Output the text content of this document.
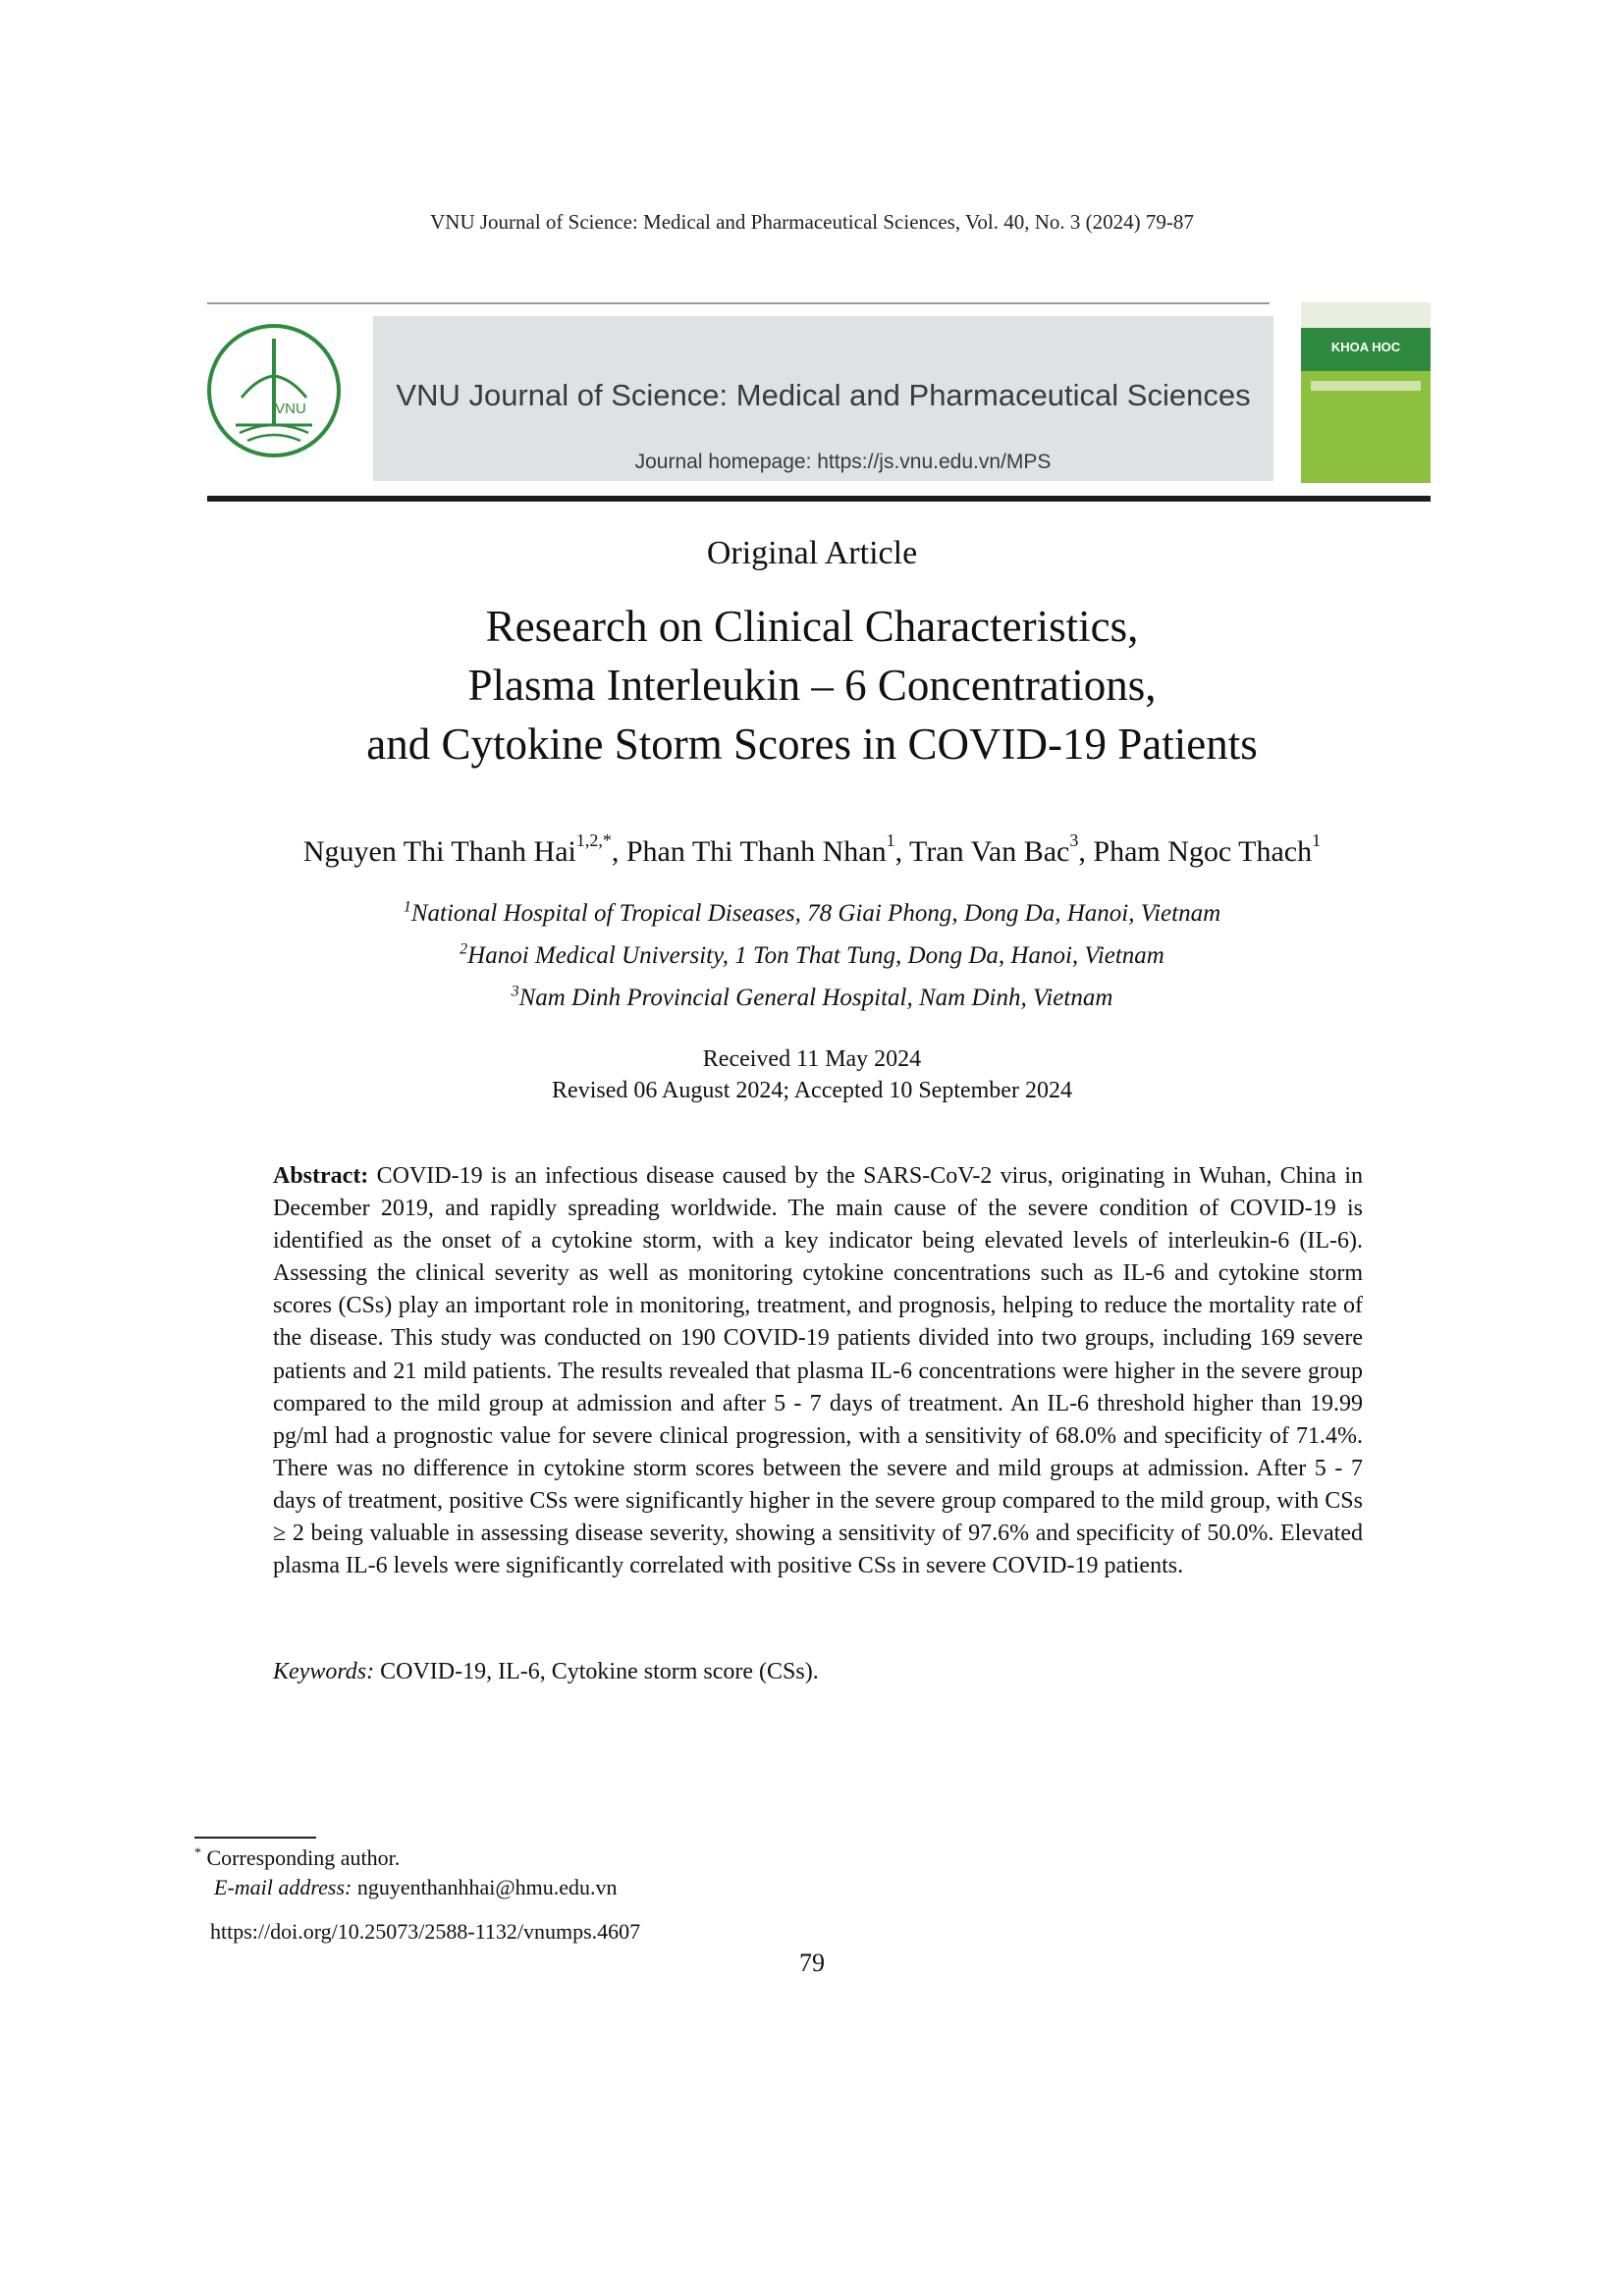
VNU Journal of Science: Medical and Pharmaceutical Sciences, Vol. 40, No. 3 (2024) 79-87
VNU	VNU Journal of Science: Medical and Pharmaceutical Sciences
Journal homepage: https://js.vnu.edu.vn/MPS
KHOA HOC
Original Article
Research on Clinical Characteristics,
Plasma Interleukin – 6 Concentrations,
and Cytokine Storm Scores in COVID-19 Patients
Nguyen Thi Thanh Hai$^{1,2,*}$, Phan Thi Thanh Nhan$^1$, Tran Van Bac$^3$, Pham Ngoc Thach$^1$
$^1$National Hospital of Tropical Diseases, 78 Giai Phong, Dong Da, Hanoi, Vietnam
$^2$Hanoi Medical University, 1 Ton That Tung, Dong Da, Hanoi, Vietnam
$^3$Nam Dinh Provincial General Hospital, Nam Dinh, Vietnam
Received 11 May 2024
Revised 06 August 2024; Accepted 10 September 2024
Abstract: COVID-19 is an infectious disease caused by the SARS-CoV-2 virus, originating in Wuhan, China in December 2019, and rapidly spreading worldwide. The main cause of the severe condition of COVID-19 is identified as the onset of a cytokine storm, with a key indicator being elevated levels of interleukin-6 (IL-6). Assessing the clinical severity as well as monitoring cytokine concentrations such as IL-6 and cytokine storm scores (CSs) play an important role in monitoring, treatment, and prognosis, helping to reduce the mortality rate of the disease. This study was conducted on 190 COVID-19 patients divided into two groups, including 169 severe patients and 21 mild patients. The results revealed that plasma IL-6 concentrations were higher in the severe group compared to the mild group at admission and after 5 - 7 days of treatment. An IL-6 threshold higher than 19.99 pg/ml had a prognostic value for severe clinical progression, with a sensitivity of 68.0% and specificity of 71.4%. There was no difference in cytokine storm scores between the severe and mild groups at admission. After 5 - 7 days of treatment, positive CSs were significantly higher in the severe group compared to the mild group, with CSs ≥ 2 being valuable in assessing disease severity, showing a sensitivity of 97.6% and specificity of 50.0%. Elevated plasma IL-6 levels were significantly correlated with positive CSs in severe COVID-19 patients.
Keywords: COVID-19, IL-6, Cytokine storm score (CSs).
* Corresponding author.
E-mail address: nguyenthanhhai@hmu.edu.vn
https://doi.org/10.25073/2588-1132/vnumps.4607
79
